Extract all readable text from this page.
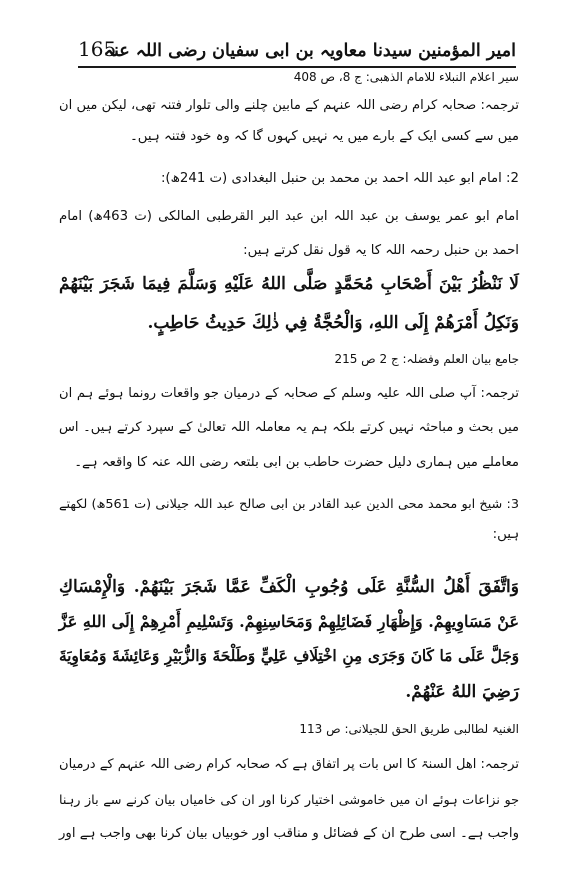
امیر المؤمنین سیدنا معاویہ بن ابی سفیان رضی اللہ عنہ
165
سیر اعلام النبلاء للامام الذھبی: ج 8، ص 408
ترجمہ: صحابہ کرام رضی اللہ عنہم کے مابین چلنے والی تلوار فتنہ تھی، لیکن میں ان
میں سے کسی ایک کے بارے میں یہ نہیں کہوں گا کہ وہ خود فتنہ ہیں۔
2: امام ابو عبد اللہ احمد بن محمد بن حنبل البغدادی (ت 241ھ):
امام ابو عمر یوسف بن عبد اللہ ابن عبد البر القرطبی المالکی (ت 463ھ) امام
احمد بن حنبل رحمہ اللہ کا یہ قول نقل کرتے ہیں:
لَا نَنْظُرُ بَيْنَ أَصْحَابِ مُحَمَّدٍ صَلَّى اللهُ عَلَيْهِ وَسَلَّمَ فِيمَا شَجَرَ بَيْنَهُمْ
وَنَكِلُ أَمْرَهُمْ إِلَى اللهِ، وَالْحُجَّةُ فِي ذٰلِكَ حَدِيثُ حَاطِبٍ.
جامع بیان العلم وفضلہ: ج 2 ص 215
ترجمہ: آپ صلی اللہ علیہ وسلم کے صحابہ کے درمیان جو واقعات رونما ہوئے ہم ان
میں بحث و مباحثہ نہیں کرتے بلکہ ہم یہ معاملہ اللہ تعالیٰ کے سپرد کرتے ہیں۔ اس
معاملے میں ہماری دلیل حضرت حاطب بن ابی بلتعہ رضی اللہ عنہ کا واقعہ ہے۔
3: شیخ ابو محمد محی الدین عبد القادر بن ابی صالح عبد اللہ جیلانی (ت 561ھ) لکھتے
ہیں:
وَاتَّفَقَ أَهْلُ السُّنَّةِ عَلَى وُجُوبِ الْكَفِّ عَمَّا شَجَرَ بَيْنَهُمْ. وَالْإِمْسَاكِ
عَنْ مَسَاوِيهِمْ. وَإِظْهَارِ فَضَائِلِهِمْ وَمَحَاسِنِهِمْ. وَتَسْلِيمِ أَمْرِهِمْ إِلَى اللهِ عَزَّ
وَجَلَّ عَلَى مَا كَانَ وَجَرَى مِنِ اخْتِلَافِ عَلِيٍّ وَطَلْحَةَ وَالزُّبَيْرِ وَعَائِشَةَ وَمُعَاوِيَةَ
رَضِيَ اللهُ عَنْهُمْ.
الغنیۃ لطالبی طریق الحق للجیلانی: ص 113
ترجمہ: اھل السنۃ کا اس بات پر اتفاق ہے کہ صحابہ کرام رضی اللہ عنہم کے درمیان
جو نزاعات ہوئے ان میں خاموشی اختیار کرنا اور ان کی خامیاں بیان کرنے سے باز رہنا
واجب ہے۔ اسی طرح ان کے فضائل و مناقب اور خوبیاں بیان کرنا بھی واجب ہے اور
